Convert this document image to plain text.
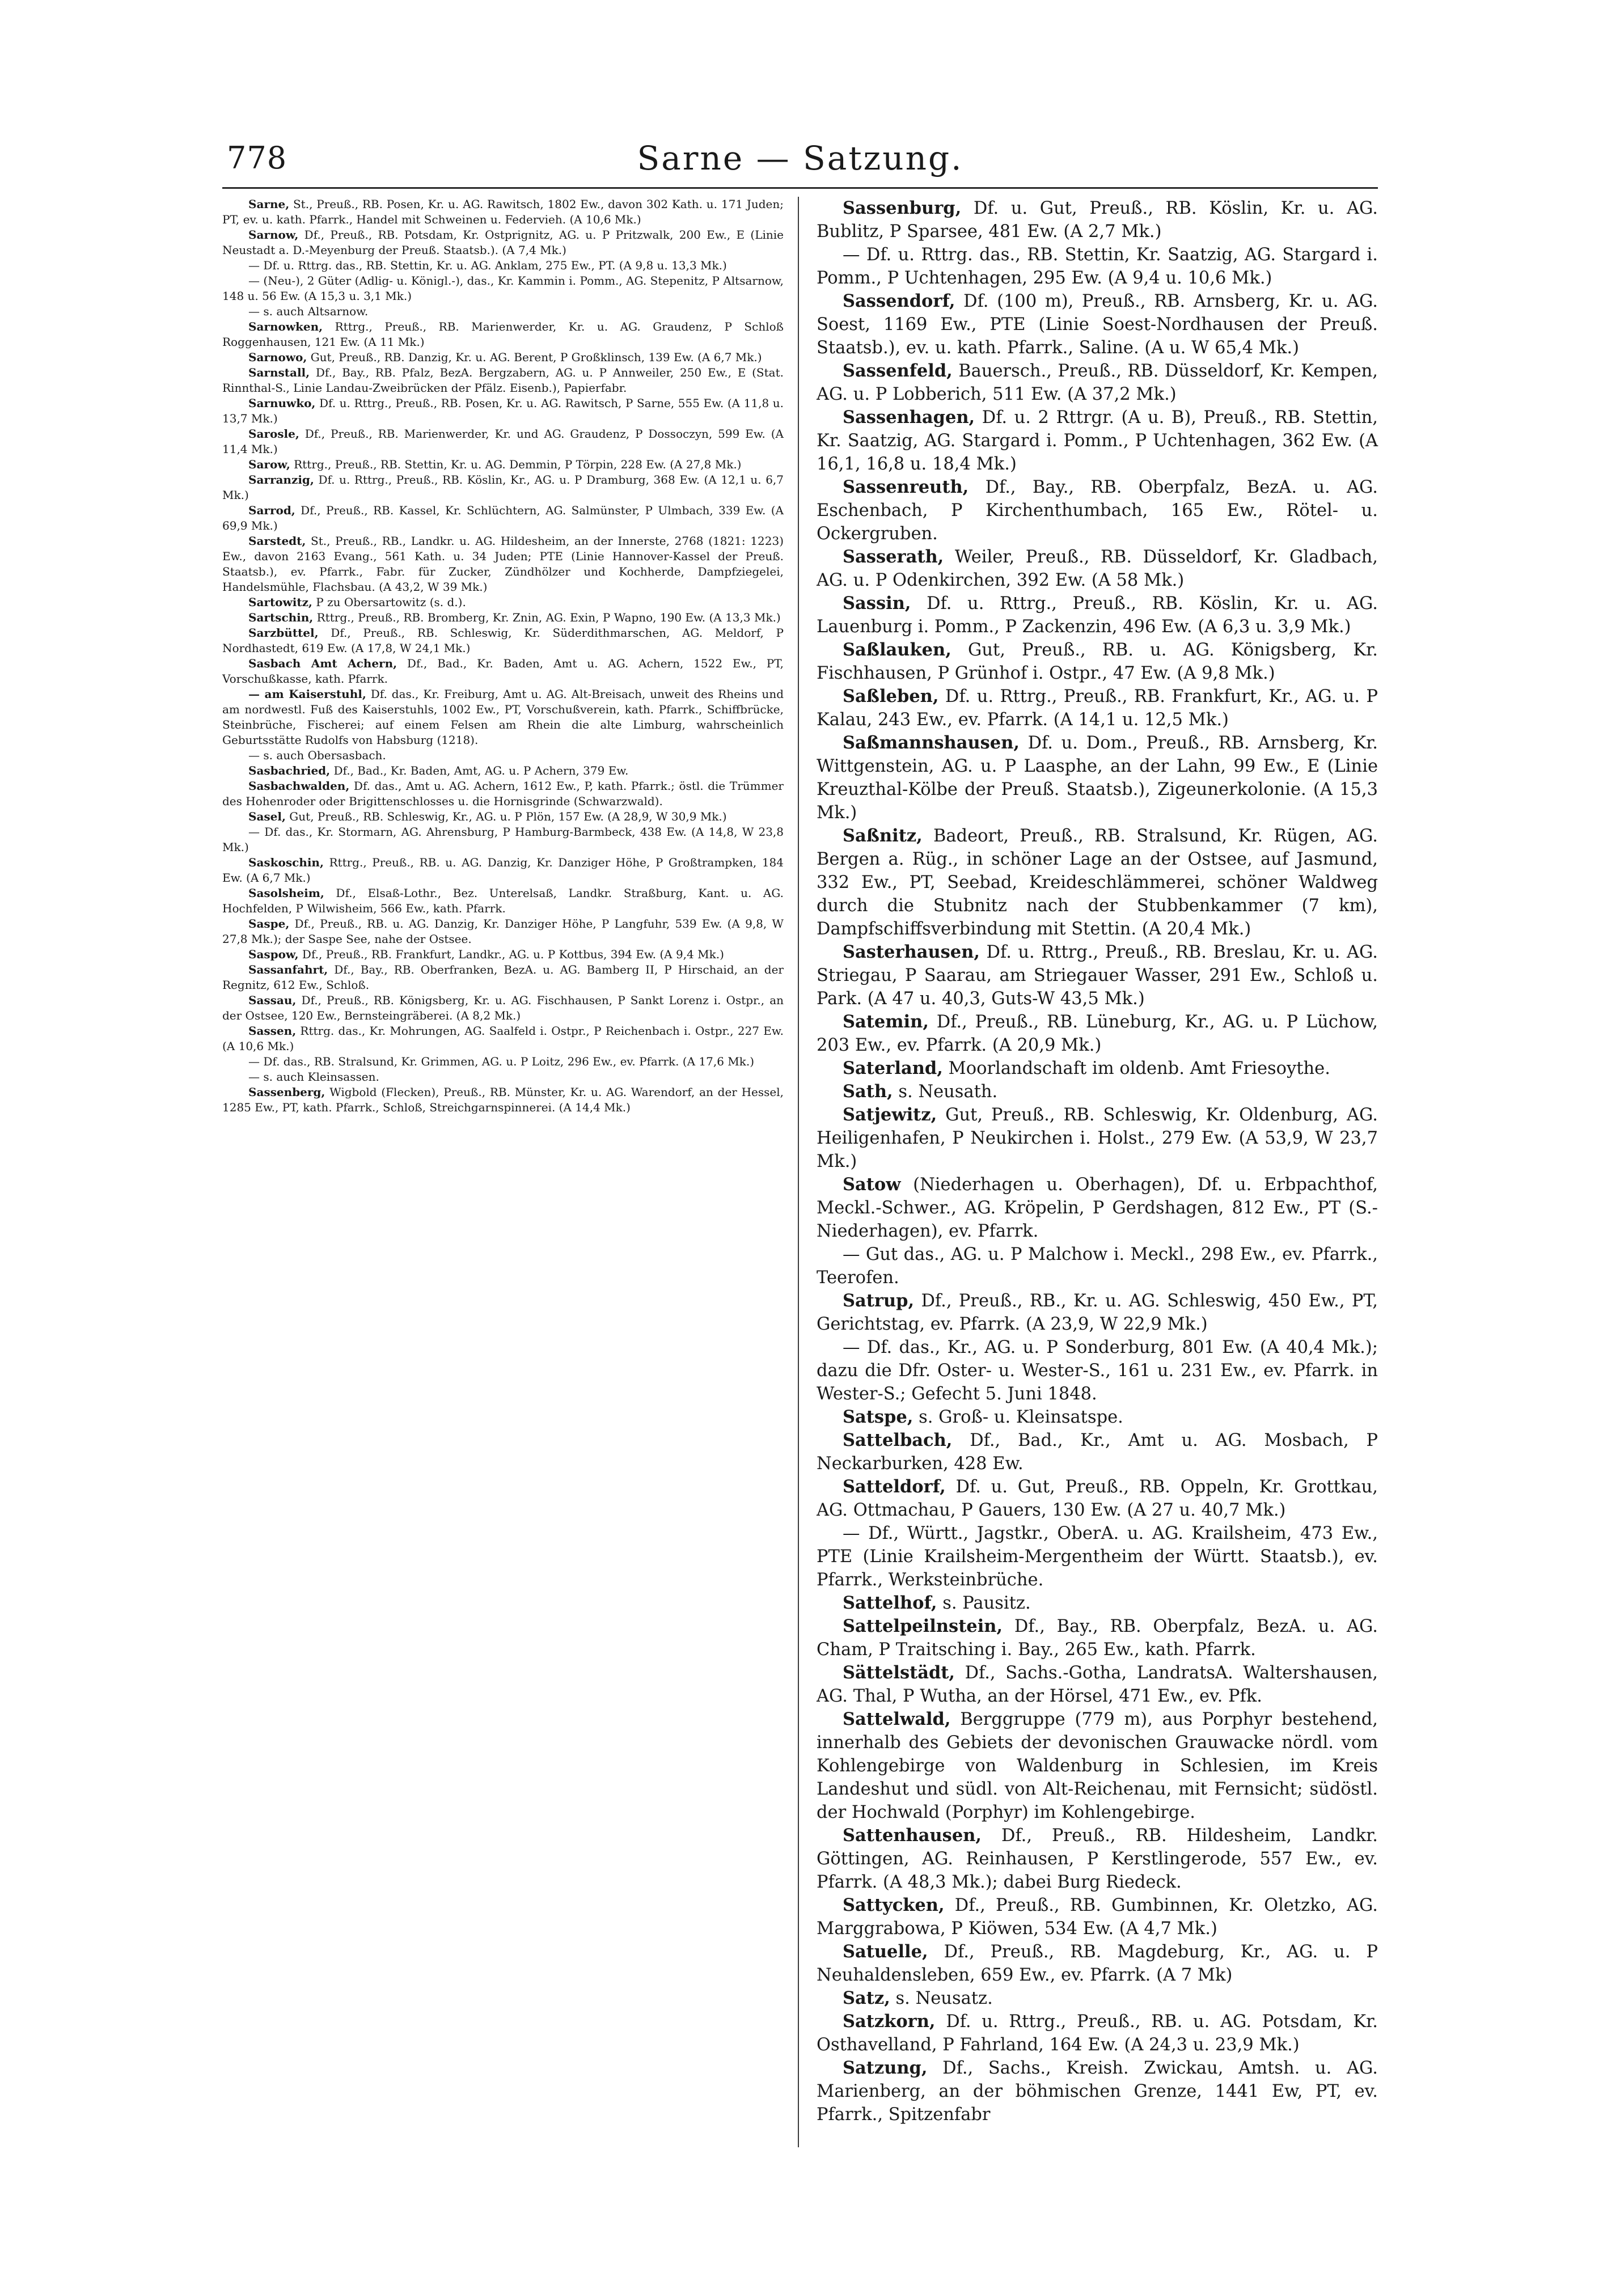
778	Sarne — Satzung.

Sarne, St., Preuß., RB. Posen, Kr. u. AG. Rawitsch, 1802 Ew., davon 302 Kath. u. 171 Juden; PT, ev. u. kath. Pfarrk., Handel mit Schweinen u. Federvieh. (A 10,6 Mk.)

Sarnow, Df., Preuß., RB. Potsdam, Kr. Ostprignitz, AG. u. P Pritzwalk, 200 Ew., E (Linie Neustadt a. D.-Meyenburg der Preuß. Staatsb.). (A 7,4 Mk.)

— Df. u. Rttrg. das., RB. Stettin, Kr. u. AG. Anklam, 275 Ew., PT. (A 9,8 u. 13,3 Mk.)

— (Neu-), 2 Güter (Adlig- u. Königl.-), das., Kr. Kammin i. Pomm., AG. Stepenitz, P Altsarnow, 148 u. 56 Ew. (A 15,3 u. 3,1 Mk.)

— s. auch Altsarnow.

Sarnowken, Rttrg., Preuß., RB. Marienwerder, Kr. u. AG. Graudenz, P Schloß Roggenhausen, 121 Ew. (A 11 Mk.)

Sarnowo, Gut, Preuß., RB. Danzig, Kr. u. AG. Berent, P Großklinsch, 139 Ew. (A 6,7 Mk.)

Sarnstall, Df., Bay., RB. Pfalz, BezA. Bergzabern, AG. u. P Annweiler, 250 Ew., E (Stat. Rinnthal-S., Linie Landau-Zweibrücken der Pfälz. Eisenb.), Papierfabr.

Sarnuwko, Df. u. Rttrg., Preuß., RB. Posen, Kr. u. AG. Rawitsch, P Sarne, 555 Ew. (A 11,8 u. 13,7 Mk.)

Sarosle, Df., Preuß., RB. Marienwerder, Kr. und AG. Graudenz, P Dossoczyn, 599 Ew. (A 11,4 Mk.)

Sarow, Rttrg., Preuß., RB. Stettin, Kr. u. AG. Demmin, P Törpin, 228 Ew. (A 27,8 Mk.)

Sarranzig, Df. u. Rttrg., Preuß., RB. Köslin, Kr., AG. u. P Dramburg, 368 Ew. (A 12,1 u. 6,7 Mk.)

Sarrod, Df., Preuß., RB. Kassel, Kr. Schlüchtern, AG. Salmünster, P Ulmbach, 339 Ew. (A 69,9 Mk.)

Sarstedt, St., Preuß., RB., Landkr. u. AG. Hildesheim, an der Innerste, 2768 (1821: 1223) Ew., davon 2163 Evang., 561 Kath. u. 34 Juden; PTE (Linie Hannover-Kassel der Preuß. Staatsb.), ev. Pfarrk., Fabr. für Zucker, Zündhölzer und Kochherde, Dampfziegelei, Handelsmühle, Flachsbau. (A 43,2, W 39 Mk.)

Sartowitz, P zu Obersartowitz (s. d.).

Sartschin, Rttrg., Preuß., RB. Bromberg, Kr. Znin, AG. Exin, P Wapno, 190 Ew. (A 13,3 Mk.)

Sarzbüttel, Df., Preuß., RB. Schleswig, Kr. Süderdithmarschen, AG. Meldorf, P Nordhastedt, 619 Ew. (A 17,8, W 24,1 Mk.)

Sasbach Amt Achern, Df., Bad., Kr. Baden, Amt u. AG. Achern, 1522 Ew., PT, Vorschußkasse, kath. Pfarrk.

— am Kaiserstuhl, Df. das., Kr. Freiburg, Amt u. AG. Alt-Breisach, unweit des Rheins und am nordwestl. Fuß des Kaiserstuhls, 1002 Ew., PT, Vorschußverein, kath. Pfarrk., Schiffbrücke, Steinbrüche, Fischerei; auf einem Felsen am Rhein die alte Limburg, wahrscheinlich Geburtsstätte Rudolfs von Habsburg (1218).

— s. auch Obersasbach.

Sasbachried, Df., Bad., Kr. Baden, Amt, AG. u. P Achern, 379 Ew.

Sasbachwalden, Df. das., Amt u. AG. Achern, 1612 Ew., P, kath. Pfarrk.; östl. die Trümmer des Hohenroder oder Brigittenschlosses u. die Hornisgrinde (Schwarzwald).

Sasel, Gut, Preuß., RB. Schleswig, Kr., AG. u. P Plön, 157 Ew. (A 28,9, W 30,9 Mk.)

— Df. das., Kr. Stormarn, AG. Ahrensburg, P Hamburg-Barmbeck, 438 Ew. (A 14,8, W 23,8 Mk.)

Saskoschin, Rttrg., Preuß., RB. u. AG. Danzig, Kr. Danziger Höhe, P Großtrampken, 184 Ew. (A 6,7 Mk.)

Sasolsheim, Df., Elsaß-Lothr., Bez. Unterelsaß, Landkr. Straßburg, Kant. u. AG. Hochfelden, P Wilwisheim, 566 Ew., kath. Pfarrk.

Saspe, Df., Preuß., RB. u. AG. Danzig, Kr. Danziger Höhe, P Langfuhr, 539 Ew. (A 9,8, W 27,8 Mk.); der Saspe See, nahe der Ostsee.

Saspow, Df., Preuß., RB. Frankfurt, Landkr., AG. u. P Kottbus, 394 Ew. (A 9,4 Mk.)

Sassanfahrt, Df., Bay., RB. Oberfranken, BezA. u. AG. Bamberg II, P Hirschaid, an der Regnitz, 612 Ew., Schloß.

Sassau, Df., Preuß., RB. Königsberg, Kr. u. AG. Fischhausen, P Sankt Lorenz i. Ostpr., an der Ostsee, 120 Ew., Bernsteingräberei. (A 8,2 Mk.)

Sassen, Rttrg. das., Kr. Mohrungen, AG. Saalfeld i. Ostpr., P Reichenbach i. Ostpr., 227 Ew. (A 10,6 Mk.)

— Df. das., RB. Stralsund, Kr. Grimmen, AG. u. P Loitz, 296 Ew., ev. Pfarrk. (A 17,6 Mk.)

— s. auch Kleinsassen.

Sassenberg, Wigbold (Flecken), Preuß., RB. Münster, Kr. u. AG. Warendorf, an der Hessel, 1285 Ew., PT, kath. Pfarrk., Schloß, Streichgarnspinnerei. (A 14,4 Mk.)

Sassenburg, Df. u. Gut, Preuß., RB. Köslin, Kr. u. AG. Bublitz, P Sparsee, 481 Ew. (A 2,7 Mk.)

— Df. u. Rttrg. das., RB. Stettin, Kr. Saatzig, AG. Stargard i. Pomm., P Uchtenhagen, 295 Ew. (A 9,4 u. 10,6 Mk.)

Sassendorf, Df. (100 m), Preuß., RB. Arnsberg, Kr. u. AG. Soest, 1169 Ew., PTE (Linie Soest-Nordhausen der Preuß. Staatsb.), ev. u. kath. Pfarrk., Saline. (A u. W 65,4 Mk.)

Sassenfeld, Bauersch., Preuß., RB. Düsseldorf, Kr. Kempen, AG. u. P Lobberich, 511 Ew. (A 37,2 Mk.)

Sassenhagen, Df. u. 2 Rttrgr. (A u. B), Preuß., RB. Stettin, Kr. Saatzig, AG. Stargard i. Pomm., P Uchtenhagen, 362 Ew. (A 16,1, 16,8 u. 18,4 Mk.)

Sassenreuth, Df., Bay., RB. Oberpfalz, BezA. u. AG. Eschenbach, P Kirchenthumbach, 165 Ew., Rötel- u. Ockergruben.

Sasserath, Weiler, Preuß., RB. Düsseldorf, Kr. Gladbach, AG. u. P Odenkirchen, 392 Ew. (A 58 Mk.)

Sassin, Df. u. Rttrg., Preuß., RB. Köslin, Kr. u. AG. Lauenburg i. Pomm., P Zackenzin, 496 Ew. (A 6,3 u. 3,9 Mk.)

Saßlauken, Gut, Preuß., RB. u. AG. Königsberg, Kr. Fischhausen, P Grünhof i. Ostpr., 47 Ew. (A 9,8 Mk.)

Saßleben, Df. u. Rttrg., Preuß., RB. Frankfurt, Kr., AG. u. P Kalau, 243 Ew., ev. Pfarrk. (A 14,1 u. 12,5 Mk.)

Saßmannshausen, Df. u. Dom., Preuß., RB. Arnsberg, Kr. Wittgenstein, AG. u. P Laasphe, an der Lahn, 99 Ew., E (Linie Kreuzthal-Kölbe der Preuß. Staatsb.), Zigeunerkolonie. (A 15,3 Mk.)

Saßnitz, Badeort, Preuß., RB. Stralsund, Kr. Rügen, AG. Bergen a. Rüg., in schöner Lage an der Ostsee, auf Jasmund, 332 Ew., PT, Seebad, Kreideschlämmerei, schöner Waldweg durch die Stubnitz nach der Stubbenkammer (7 km), Dampfschiffsverbindung mit Stettin. (A 20,4 Mk.)

Sasterhausen, Df. u. Rttrg., Preuß., RB. Breslau, Kr. u. AG. Striegau, P Saarau, am Striegauer Wasser, 291 Ew., Schloß u. Park. (A 47 u. 40,3, Guts-W 43,5 Mk.)

Satemin, Df., Preuß., RB. Lüneburg, Kr., AG. u. P Lüchow, 203 Ew., ev. Pfarrk. (A 20,9 Mk.)

Saterland, Moorlandschaft im oldenb. Amt Friesoythe.

Sath, s. Neusath.

Satjewitz, Gut, Preuß., RB. Schleswig, Kr. Oldenburg, AG. Heiligenhafen, P Neukirchen i. Holst., 279 Ew. (A 53,9, W 23,7 Mk.)

Satow (Niederhagen u. Oberhagen), Df. u. Erbpachthof, Meckl.-Schwer., AG. Kröpelin, P Gerdshagen, 812 Ew., PT (S.-Niederhagen), ev. Pfarrk.

— Gut das., AG. u. P Malchow i. Meckl., 298 Ew., ev. Pfarrk., Teerofen.

Satrup, Df., Preuß., RB., Kr. u. AG. Schleswig, 450 Ew., PT, Gerichtstag, ev. Pfarrk. (A 23,9, W 22,9 Mk.)

— Df. das., Kr., AG. u. P Sonderburg, 801 Ew. (A 40,4 Mk.); dazu die Dfr. Oster- u. Wester-S., 161 u. 231 Ew., ev. Pfarrk. in Wester-S.; Gefecht 5. Juni 1848.

Satspe, s. Groß- u. Kleinsatspe.

Sattelbach, Df., Bad., Kr., Amt u. AG. Mosbach, P Neckarburken, 428 Ew.

Satteldorf, Df. u. Gut, Preuß., RB. Oppeln, Kr. Grottkau, AG. Ottmachau, P Gauers, 130 Ew. (A 27 u. 40,7 Mk.)

— Df., Württ., Jagstkr., OberA. u. AG. Krailsheim, 473 Ew., PTE (Linie Krailsheim-Mergentheim der Württ. Staatsb.), ev. Pfarrk., Werksteinbrüche.

Sattelhof, s. Pausitz.

Sattelpeilnstein, Df., Bay., RB. Oberpfalz, BezA. u. AG. Cham, P Traitsching i. Bay., 265 Ew., kath. Pfarrk.

Sättelstädt, Df., Sachs.-Gotha, LandratsA. Waltershausen, AG. Thal, P Wutha, an der Hörsel, 471 Ew., ev. Pfk.

Sattelwald, Berggruppe (779 m), aus Porphyr bestehend, innerhalb des Gebiets der devonischen Grauwacke nördl. vom Kohlengebirge von Waldenburg in Schlesien, im Kreis Landeshut und südl. von Alt-Reichenau, mit Fernsicht; südöstl. der Hochwald (Porphyr) im Kohlengebirge.

Sattenhausen, Df., Preuß., RB. Hildesheim, Landkr. Göttingen, AG. Reinhausen, P Kerstlingerode, 557 Ew., ev. Pfarrk. (A 48,3 Mk.); dabei Burg Riedeck.

Sattycken, Df., Preuß., RB. Gumbinnen, Kr. Oletzko, AG. Marggrabowa, P Kiöwen, 534 Ew. (A 4,7 Mk.)

Satuelle, Df., Preuß., RB. Magdeburg, Kr., AG. u. P Neuhaldensleben, 659 Ew., ev. Pfarrk. (A 7 Mk)

Satz, s. Neusatz.

Satzkorn, Df. u. Rttrg., Preuß., RB. u. AG. Potsdam, Kr. Osthavelland, P Fahrland, 164 Ew. (A 24,3 u. 23,9 Mk.)

Satzung, Df., Sachs., Kreish. Zwickau, Amtsh. u. AG. Marienberg, an der böhmischen Grenze, 1441 Ew, PT, ev. Pfarrk., Spitzenfabr
